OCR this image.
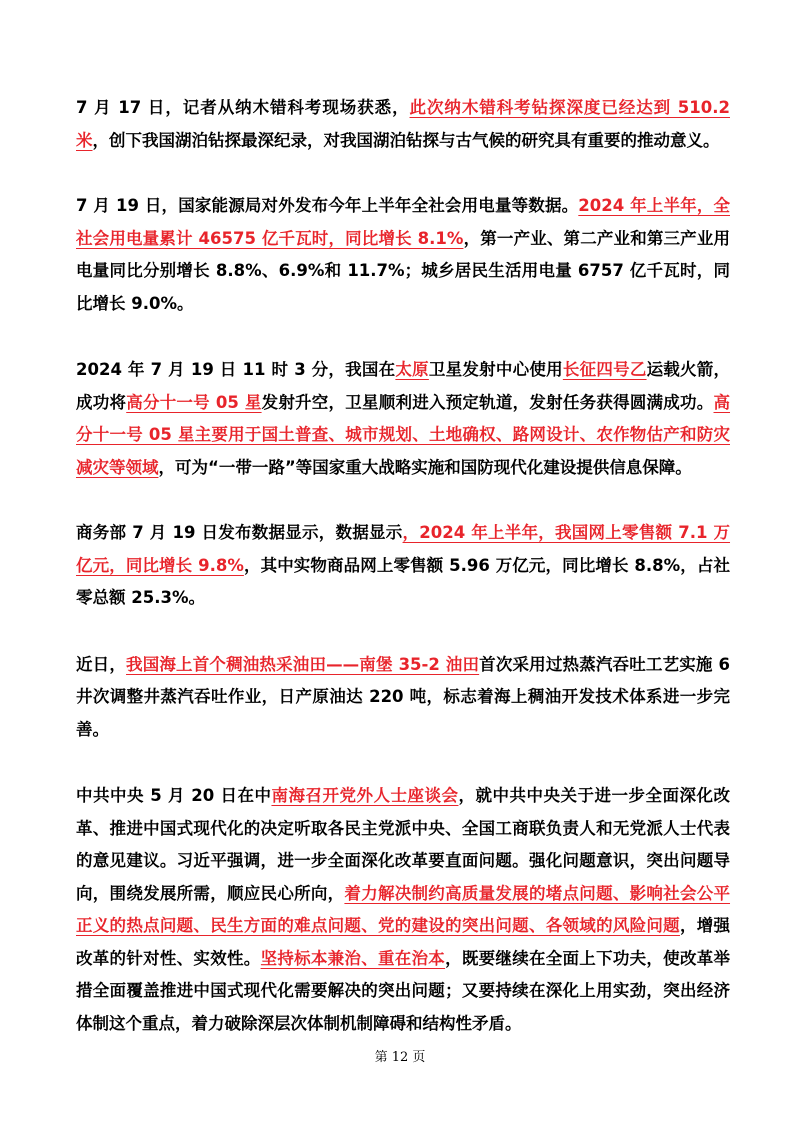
7 月 17 日，记者从纳木错科考现场获悉，此次纳木错科考钻探深度已经达到 510.2 米，创下我国湖泊钻探最深纪录，对我国湖泊钻探与古气候的研究具有重要的推动意义。

7 月 19 日，国家能源局对外发布今年上半年全社会用电量等数据。2024 年上半年，全社会用电量累计 46575 亿千瓦时，同比增长 8.1%，第一产业、第二产业和第三产业用电量同比分别增长 8.8%、6.9%和 11.7%；城乡居民生活用电量 6757 亿千瓦时，同比增长 9.0%。

2024 年 7 月 19 日 11 时 3 分，我国在太原卫星发射中心使用长征四号乙运载火箭，成功将高分十一号 05 星发射升空，卫星顺利进入预定轨道，发射任务获得圆满成功。高分十一号 05 星主要用于国土普查、城市规划、土地确权、路网设计、农作物估产和防灾减灾等领域，可为“一带一路”等国家重大战略实施和国防现代化建设提供信息保障。

商务部 7 月 19 日发布数据显示，数据显示，2024 年上半年，我国网上零售额 7.1 万亿元，同比增长 9.8%，其中实物商品网上零售额 5.96 万亿元，同比增长 8.8%，占社零总额 25.3%。

近日，我国海上首个稠油热采油田——南堡 35-2 油田首次采用过热蒸汽吞吐工艺实施 6 井次调整井蒸汽吞吐作业，日产原油达 220 吨，标志着海上稠油开发技术体系进一步完善。

中共中央 5 月 20 日在中南海召开党外人士座谈会，就中共中央关于进一步全面深化改革、推进中国式现代化的决定听取各民主党派中央、全国工商联负责人和无党派人士代表的意见建议。习近平强调，进一步全面深化改革要直面问题。强化问题意识，突出问题导向，围绕发展所需，顺应民心所向，着力解决制约高质量发展的堵点问题、影响社会公平正义的热点问题、民生方面的难点问题、党的建设的突出问题、各领域的风险问题，增强改革的针对性、实效性。坚持标本兼治、重在治本，既要继续在全面上下功夫，使改革举措全面覆盖推进中国式现代化需要解决的突出问题；又要持续在深化上用实劲，突出经济体制这个重点，着力破除深层次体制机制障碍和结构性矛盾。

第 12 页
